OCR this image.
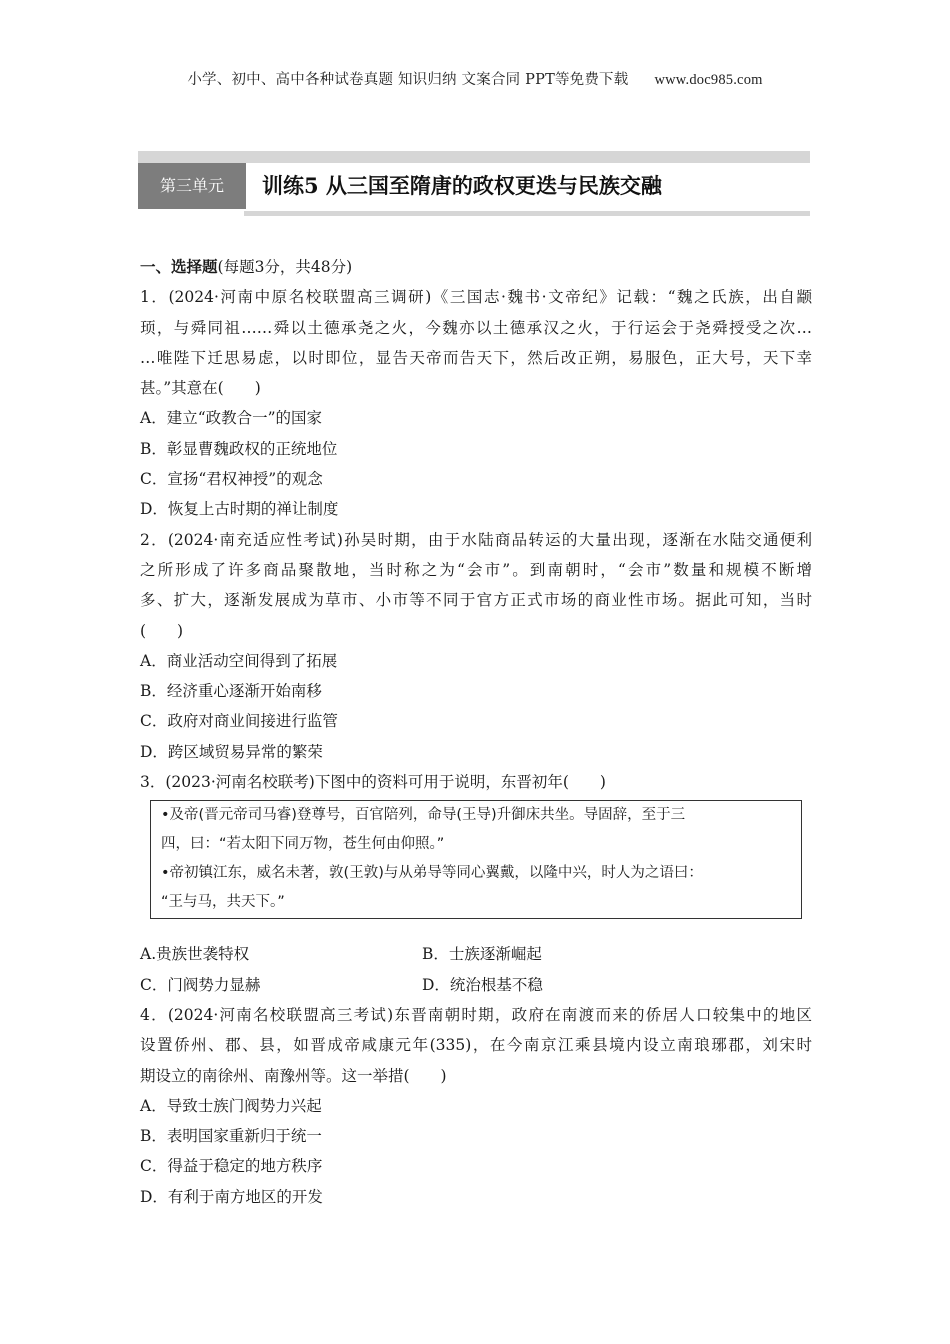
小学、初中、高中各种试卷真题 知识归纳 文案合同 PPT等免费下载 www.doc985.com
第三单元	训练5 从三国至隋唐的政权更迭与民族交融
一、选择题(每题3分，共48分)
1．(2024·河南中原名校联盟高三调研)《三国志·魏书·文帝纪》记载：“魏之氏族，出自颛
顼，与舜同祖……舜以土德承尧之火，今魏亦以土德承汉之火，于行运会于尧舜授受之次…
…唯陛下迁思易虑，以时即位，显告天帝而告天下，然后改正朔，易服色，正大号，天下幸
甚。”其意在(　　)
A．建立“政教合一”的国家
B．彰显曹魏政权的正统地位
C．宣扬“君权神授”的观念
D．恢复上古时期的禅让制度
2．(2024·南充适应性考试)孙吴时期，由于水陆商品转运的大量出现，逐渐在水陆交通便利
之所形成了许多商品聚散地，当时称之为“会市”。到南朝时，“会市”数量和规模不断增
多、扩大，逐渐发展成为草市、小市等不同于官方正式市场的商业性市场。据此可知，当时
(　　)
A．商业活动空间得到了拓展
B．经济重心逐渐开始南移
C．政府对商业间接进行监管
D．跨区域贸易异常的繁荣
3．(2023·河南名校联考)下图中的资料可用于说明，东晋初年(　　)
•及帝(晋元帝司马睿)登尊号，百官陪列，命导(王导)升御床共坐。导固辞，至于三
四，曰：“若太阳下同万物，苍生何由仰照。”
•帝初镇江东，威名未著，敦(王敦)与从弟导等同心翼戴，以隆中兴，时人为之语曰：
“王与马，共天下。”
A.贵族世袭特权	B．士族逐渐崛起
C．门阀势力显赫	D．统治根基不稳
4．(2024·河南名校联盟高三考试)东晋南朝时期，政府在南渡而来的侨居人口较集中的地区
设置侨州、郡、县，如晋成帝咸康元年(335)，在今南京江乘县境内设立南琅琊郡，刘宋时
期设立的南徐州、南豫州等。这一举措(　　)
A．导致士族门阀势力兴起
B．表明国家重新归于统一
C．得益于稳定的地方秩序
D．有利于南方地区的开发
